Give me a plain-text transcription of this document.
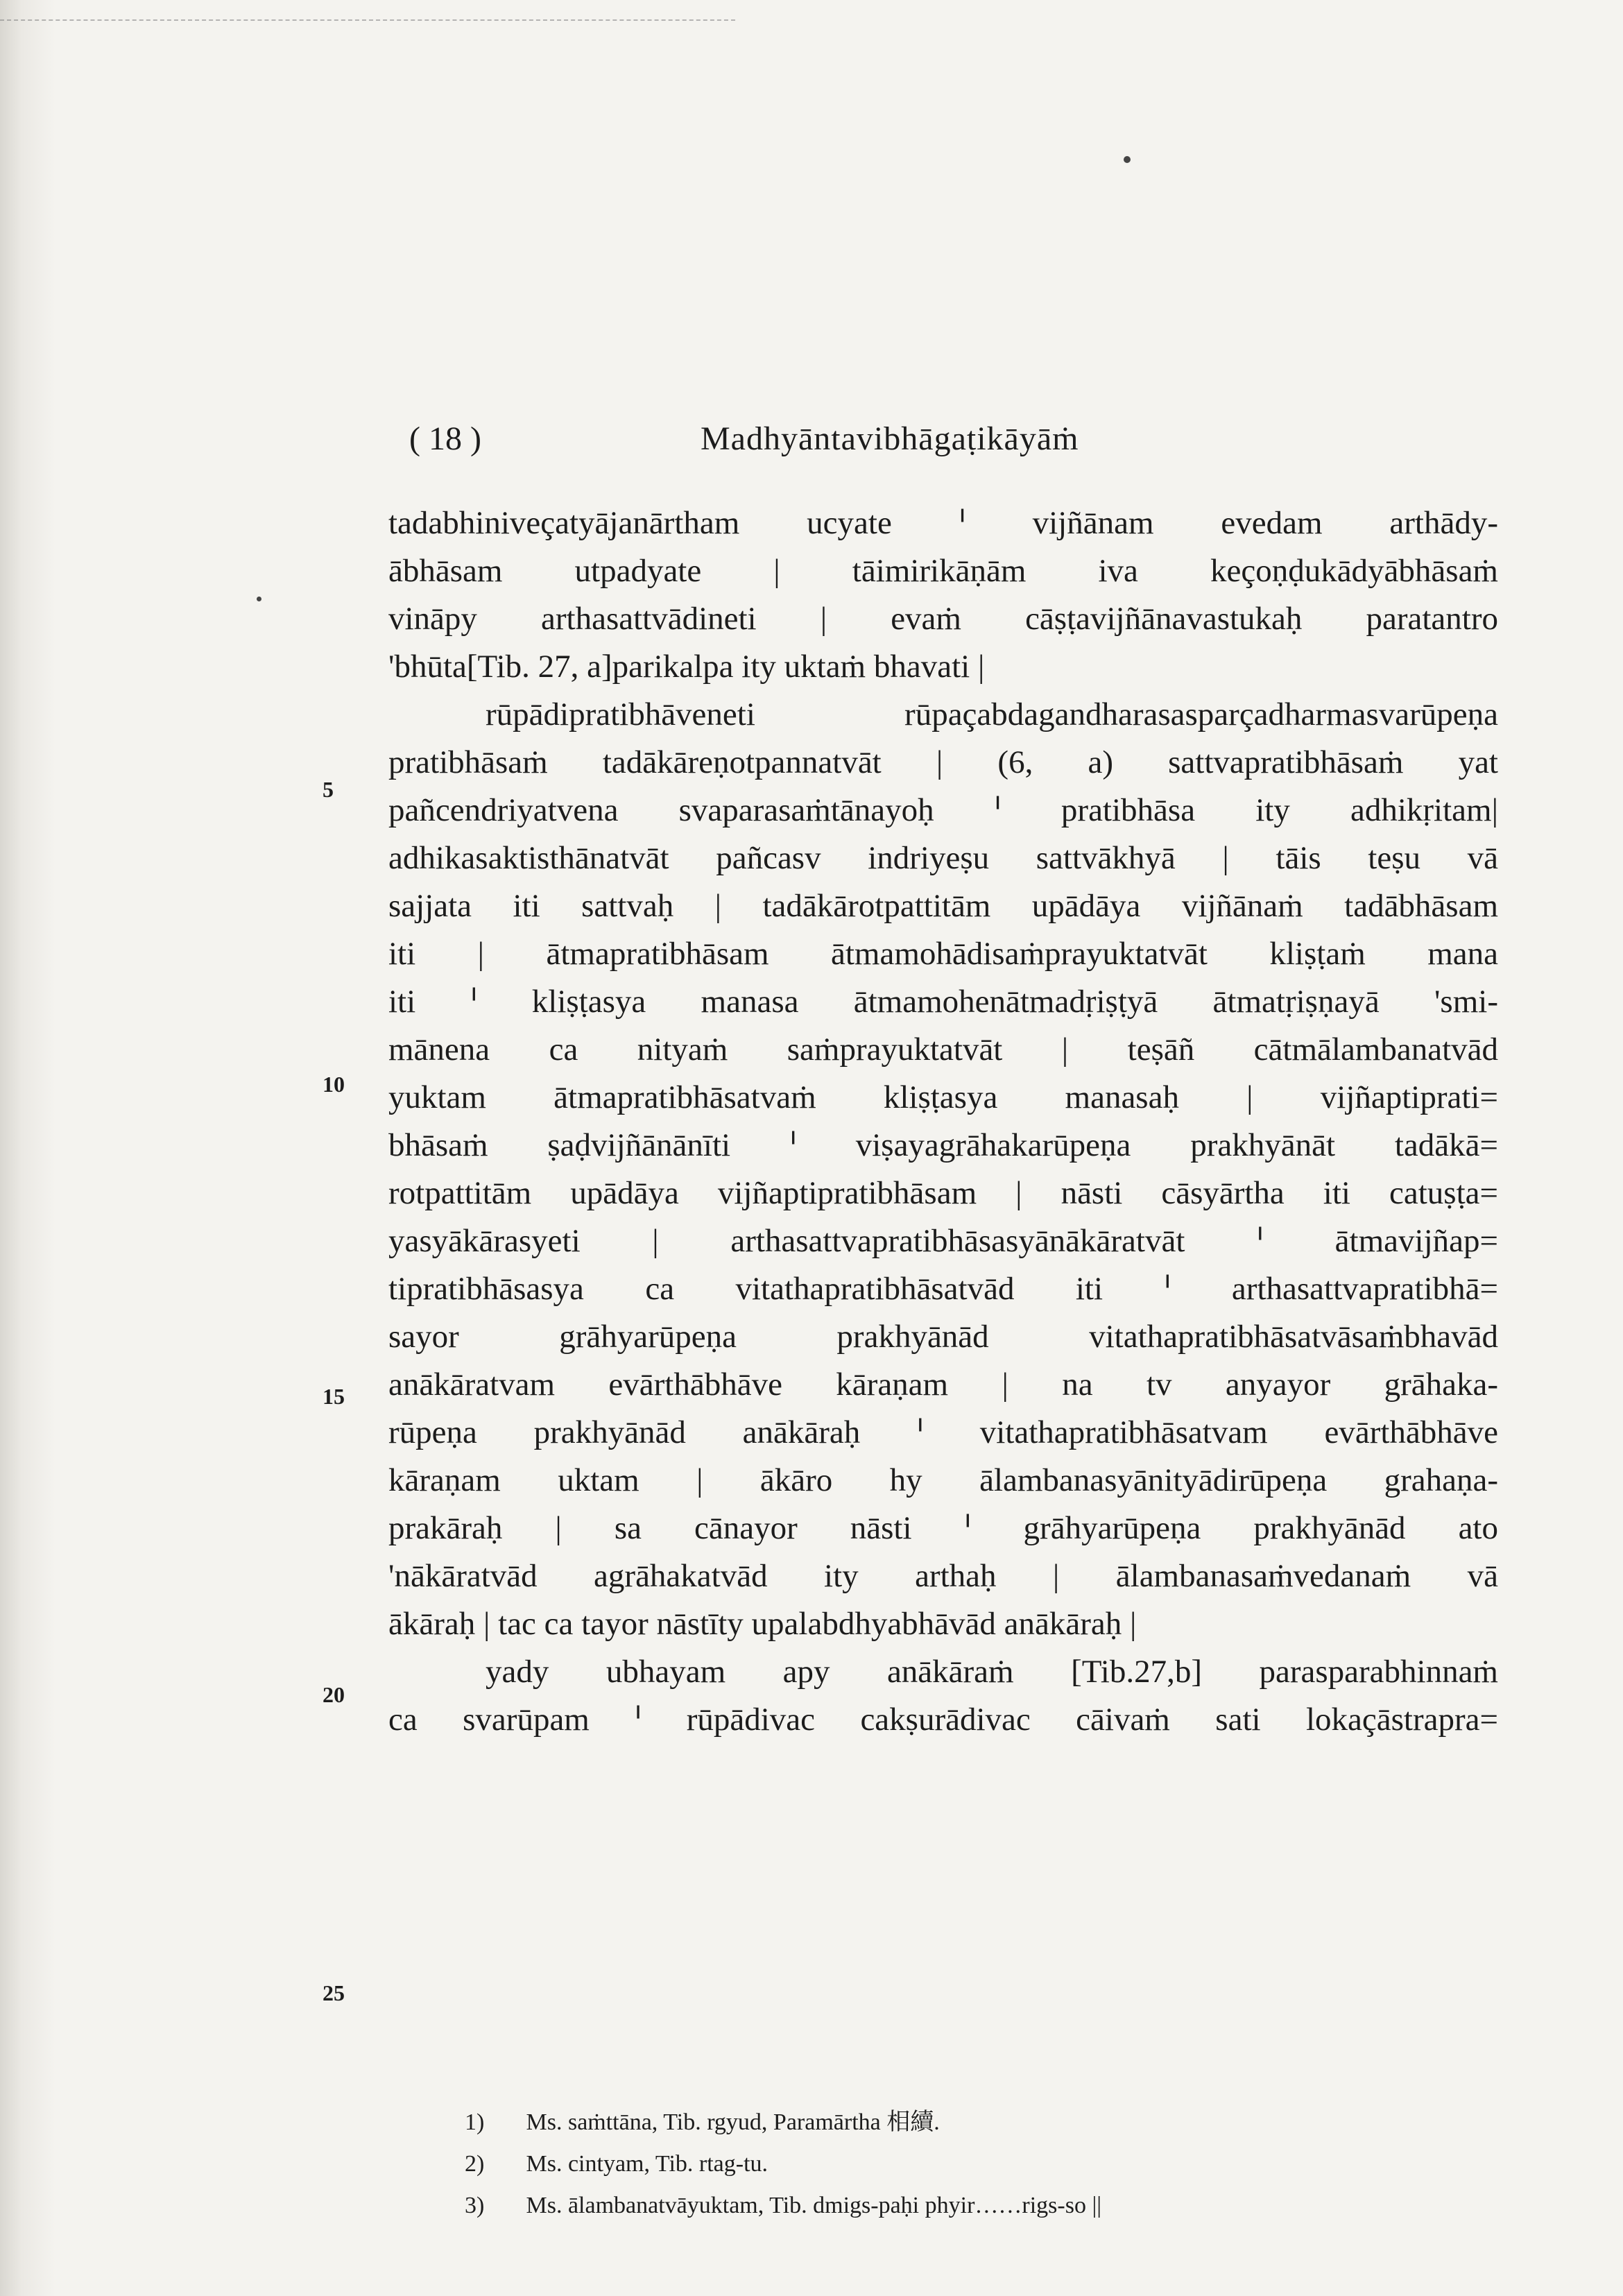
( 18 )	Madhyāntavibhāgaṭikāyāṁ
tadabhiniveçatyājanārtham ucyate ᑊ vijñānam evedam arthādy-
ābhāsam utpadyate | tāimirikāṇām iva keçoṇḍukādyābhāsaṁ
vināpy arthasattvādineti | evaṁ cāṣṭavijñānavastukaḥ paratantro
'bhūta[Tib. 27, a]parikalpa ity uktaṁ bhavati |
rūpādipratibhāveneti rūpaçabdagandharasasparçadharmasvarūpeṇa
pratibhāsaṁ tadākāreṇotpannatvāt | (6, a) sattvapratibhāsaṁ yat
pañcendriyatvena svaparasaṁtānayoḥ ᑊ pratibhāsa ity adhikṛitam|
adhikasaktisthānatvāt pañcasv indriyeṣu sattvākhyā | tāis teṣu vā
sajjata iti sattvaḥ | tadākārotpattitām upādāya vijñānaṁ tadābhāsam
iti | ātmapratibhāsam ātmamohādisaṁprayuktatvāt kliṣṭaṁ mana
iti ᑊ kliṣṭasya manasa ātmamohenātmadṛiṣṭyā ātmatṛiṣṇayā 'smi-
mānena ca nityaṁ saṁprayuktatvāt | teṣāñ cātmālambanatvād
yuktam ātmapratibhāsatvaṁ kliṣṭasya manasaḥ | vijñaptiprati=
bhāsaṁ ṣaḍvijñānānīti ᑊ viṣayagrāhakarūpeṇa prakhyānāt tadākā=
rotpattitām upādāya vijñaptipratibhāsam | nāsti cāsyārtha iti catuṣṭa=
yasyākārasyeti | arthasattvapratibhāsasyānākāratvāt ᑊ ātmavijñap=
tipratibhāsasya ca vitathapratibhāsatvād iti ᑊ arthasattvapratibhā=
sayor grāhyarūpeṇa prakhyānād vitathapratibhāsatvāsaṁbhavād
anākāratvam evārthābhāve kāraṇam | na tv anyayor grāhaka-
rūpeṇa prakhyānād anākāraḥ ᑊ vitathapratibhāsatvam evārthābhāve
kāraṇam uktam | ākāro hy ālambanasyānityādirūpeṇa grahaṇa-
prakāraḥ | sa cānayor nāsti ᑊ grāhyarūpeṇa prakhyānād ato
'nākāratvād agrāhakatvād ity arthaḥ | ālambanasaṁvedanaṁ vā
ākāraḥ | tac ca tayor nāstīty upalabdhyabhāvād anākāraḥ |
yady ubhayam apy anākāraṁ [Tib.27,b] parasparabhinnaṁ
ca svarūpam ᑊ rūpādivac cakṣurādivac cāivaṁ sati lokaçāstrapra=
5
10
15
20
25
1) Ms. saṁttāna, Tib. rgyud, Paramārtha 相續.
2) Ms. cintyam, Tib. rtag-tu.
3) Ms. ālambanatvāyuktam, Tib. dmigs-paḥi phyir……rigs-so ||
